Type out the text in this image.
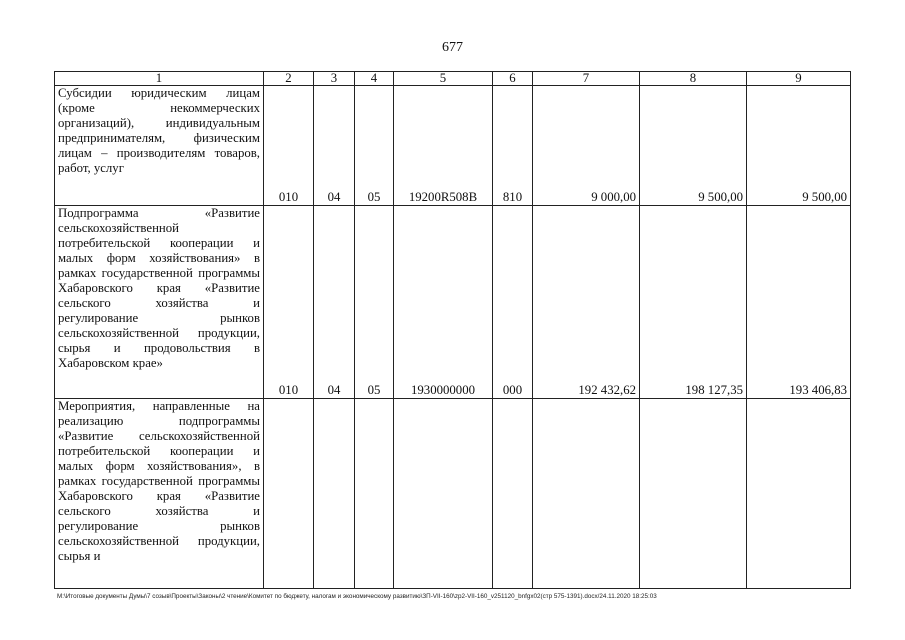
677
1	2	3	4	5	6	7	8	9
Субсидии юридическим лицам (кроме некоммерческих организаций), индивидуальным предпринимателям, физическим лицам – производителям товаров, работ, услуг	010	04	05	19200R508В	810	9 000,00	9 500,00	9 500,00
Подпрограмма «Развитие сельскохозяйственной потребительской кооперации и малых форм хозяйствования» в рамках государственной программы Хабаровского края «Развитие сельского хозяйства и регулирование рынков сельскохозяйственной продукции, сырья и продовольствия в Хабаровском крае»	010	04	05	1930000000	000	192 432,62	198 127,35	193 406,83
Мероприятия, направленные на реализацию подпрограммы «Развитие сельскохозяйственной потребительской кооперации и малых форм хозяйствования», в рамках государственной программы Хабаровского края «Развитие сельского хозяйства и регулирование рынков сельскохозяйственной продукции, сырья и								
M:\Итоговые документы Думы\7 созыв\Проекты\Законы\2 чтение\Комитет по бюджету, налогам и экономическому развитию\ЗП-VII-160\zp2-VII-160_v251120_bnfgx02(стр 575-1391).docx/24.11.2020 18:25:03
